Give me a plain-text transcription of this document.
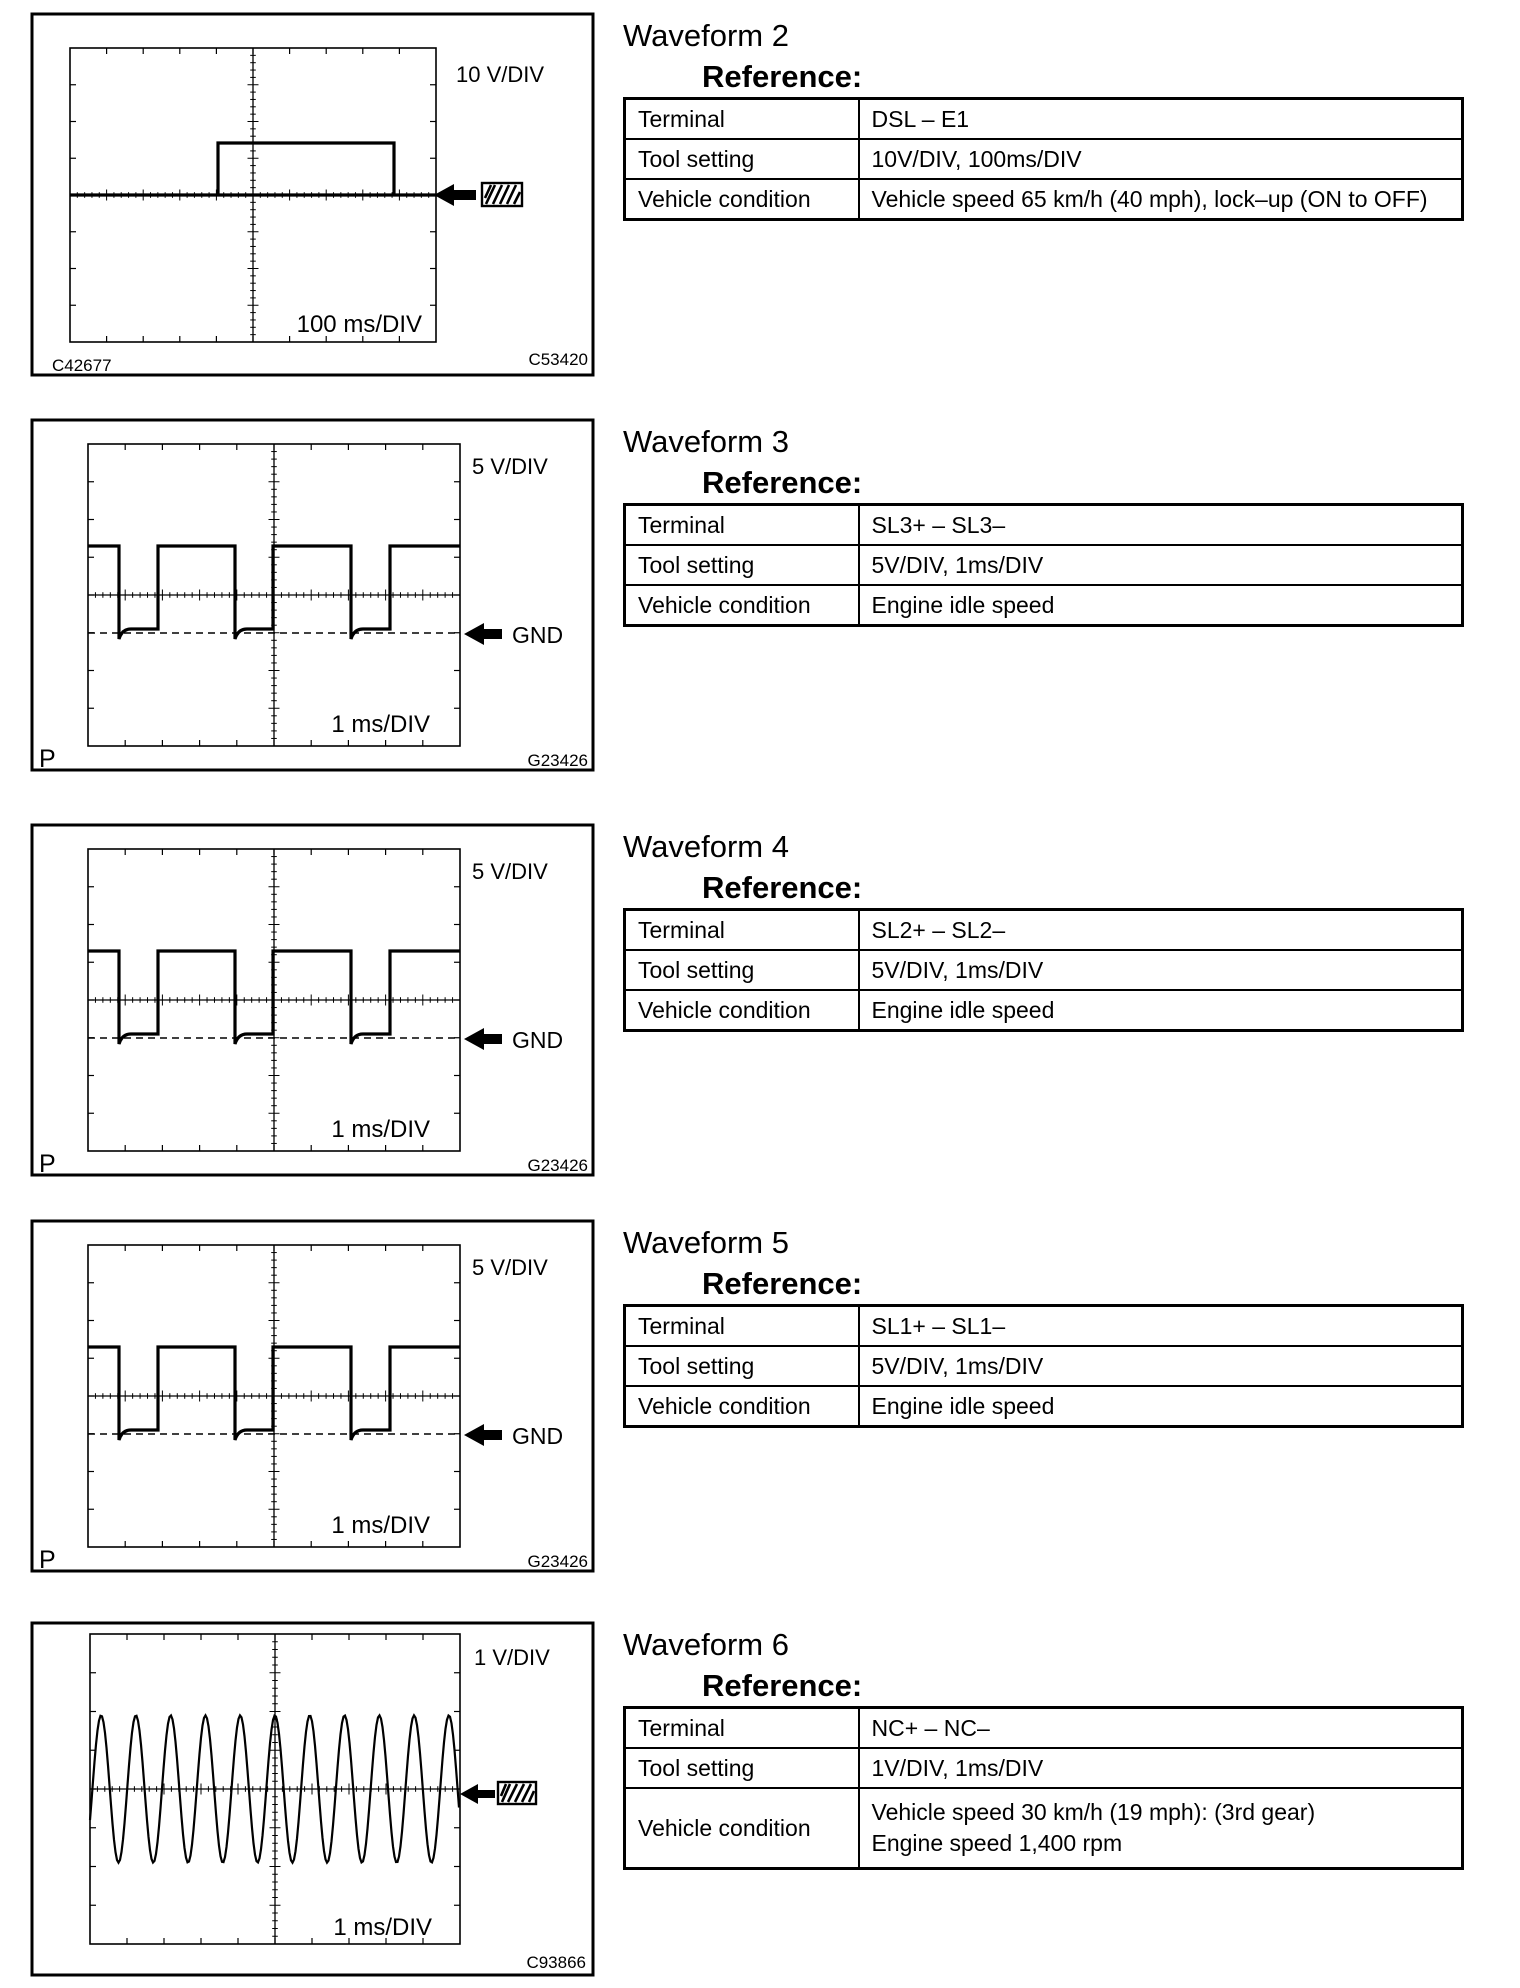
10 V/DIV
100 ms/DIV
C42677	C53420
Waveform 2
Reference:
Terminal	DSL – E1
Tool setting	10V/DIV, 100ms/DIV
Vehicle condition	Vehicle speed 65 km/h (40 mph), lock–up (ON to OFF)
GND
5 V/DIV
1 ms/DIV
P	G23426
Waveform 3
Reference:
Terminal	SL3+ – SL3–
Tool setting	5V/DIV, 1ms/DIV
Vehicle condition	Engine idle speed
GND
5 V/DIV
1 ms/DIV
P	G23426
Waveform 4
Reference:
Terminal	SL2+ – SL2–
Tool setting	5V/DIV, 1ms/DIV
Vehicle condition	Engine idle speed
GND
5 V/DIV
1 ms/DIV
P	G23426
Waveform 5
Reference:
Terminal	SL1+ – SL1–
Tool setting	5V/DIV, 1ms/DIV
Vehicle condition	Engine idle speed
1 V/DIV
1 ms/DIV
C93866
Waveform 6
Reference:
Terminal	NC+ – NC–
Tool setting	1V/DIV, 1ms/DIV
Vehicle condition	Vehicle speed 30 km/h (19 mph): (3rd gear)
Engine speed 1,400 rpm
